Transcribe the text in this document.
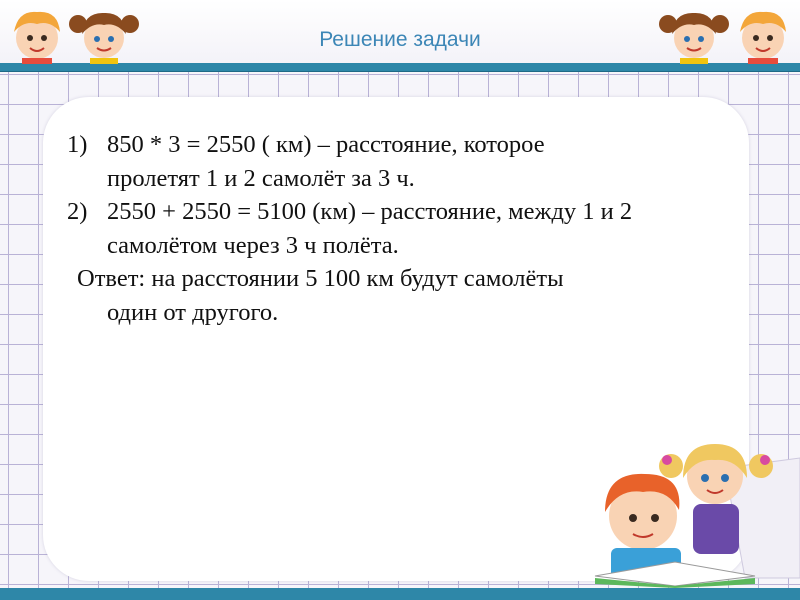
Решение задачи
1) 850 * 3 = 2550 ( км) – расстояние, которое
пролетят 1 и 2 самолёт за 3 ч.
2) 2550 + 2550 = 5100 (км) – расстояние, между 1 и 2
самолётом через 3 ч полёта.
Ответ: на расстоянии 5 100 км будут самолёты
один от другого.
